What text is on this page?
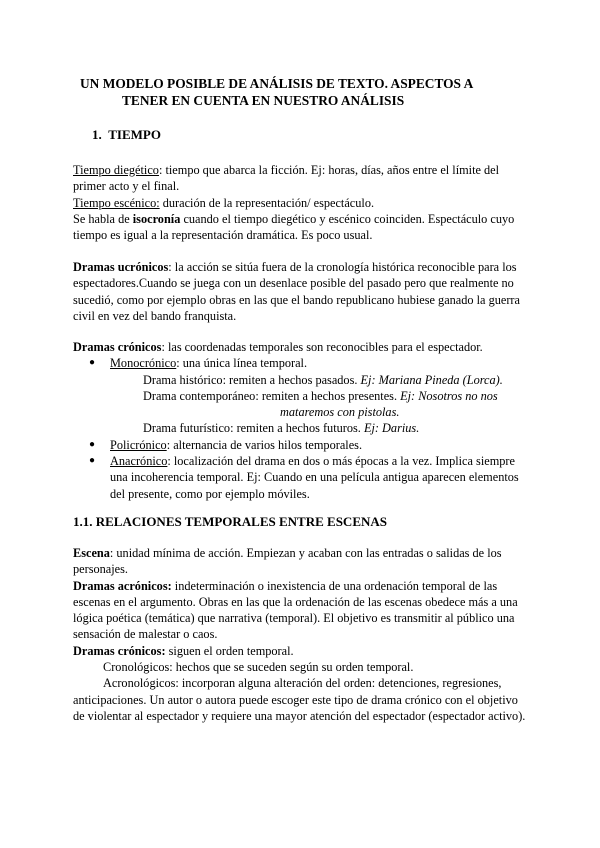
UN MODELO POSIBLE DE ANÁLISIS DE TEXTO. ASPECTOS A
TENER EN CUENTA EN NUESTRO ANÁLISIS
1. TIEMPO

Tiempo diegético: tiempo que abarca la ficción. Ej: horas, días, años entre el límite del primer acto y el final.

Tiempo escénico: duración de la representación/ espectáculo.

Se habla de isocronía cuando el tiempo diegético y escénico coinciden. Espectáculo cuyo tiempo es igual a la representación dramática. Es poco usual.

Dramas ucrónicos: la acción se sitúa fuera de la cronología histórica reconocible para los espectadores.Cuando se juega con un desenlace posible del pasado pero que realmente no sucedió, como por ejemplo obras en las que el bando republicano hubiese ganado la guerra civil en vez del bando franquista.

Dramas crónicos: las coordenadas temporales son reconocibles para el espectador.

● Monocrónico: una única línea temporal.

Drama histórico: remiten a hechos pasados. Ej: Mariana Pineda (Lorca).

Drama contemporáneo: remiten a hechos presentes. Ej: Nosotros no nos
mataremos con pistolas.

Drama futurístico: remiten a hechos futuros. Ej: Darius.

● Policrónico: alternancia de varios hilos temporales.
● Anacrónico: localización del drama en dos o más épocas a la vez. Implica siempre una incoherencia temporal. Ej: Cuando en una película antigua aparecen elementos del presente, como por ejemplo móviles.
1.1. RELACIONES TEMPORALES ENTRE ESCENAS

Escena: unidad mínima de acción. Empiezan y acaban con las entradas o salidas de los personajes.

Dramas acrónicos: indeterminación o inexistencia de una ordenación temporal de las escenas en el argumento. Obras en las que la ordenación de las escenas obedece más a una lógica poética (temática) que narrativa (temporal). El objetivo es transmitir al público una sensación de malestar o caos.

Dramas crónicos: siguen el orden temporal.

Cronológicos: hechos que se suceden según su orden temporal.

Acronológicos: incorporan alguna alteración del orden: detenciones, regresiones, anticipaciones. Un autor o autora puede escoger este tipo de drama crónico con el objetivo de violentar al espectador y requiere una mayor atención del espectador (espectador activo).
